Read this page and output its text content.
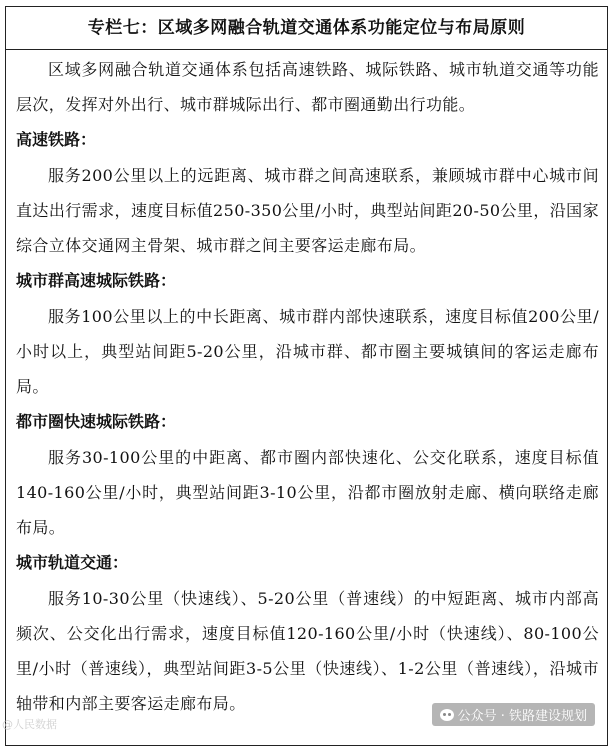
专栏七：区域多网融合轨道交通体系功能定位与布局原则

区域多网融合轨道交通体系包括高速铁路、城际铁路、城市轨道交通等功能层次，发挥对外出行、城市群城际出行、都市圈通勤出行功能。

高速铁路：

服务200公里以上的远距离、城市群之间高速联系，兼顾城市群中心城市间直达出行需求，速度目标值250-350公里/小时，典型站间距20-50公里，沿国家综合立体交通网主骨架、城市群之间主要客运走廊布局。

城市群高速城际铁路：

服务100公里以上的中长距离、城市群内部快速联系，速度目标值200公里/小时以上，典型站间距5-20公里，沿城市群、都市圈主要城镇间的客运走廊布局。

都市圈快速城际铁路：

服务30-100公里的中距离、都市圈内部快速化、公交化联系，速度目标值140-160公里/小时，典型站间距3-10公里，沿都市圈放射走廊、横向联络走廊布局。

城市轨道交通：

服务10-30公里（快速线）、5-20公里（普速线）的中短距离、城市内部高频次、公交化出行需求，速度目标值120-160公里/小时（快速线）、80-100公里/小时（普速线），典型站间距3-5公里（快速线）、1-2公里（普速线），沿城市轴带和内部主要客运走廊布局。

@人民数据
公众号 · 铁路建设规划
